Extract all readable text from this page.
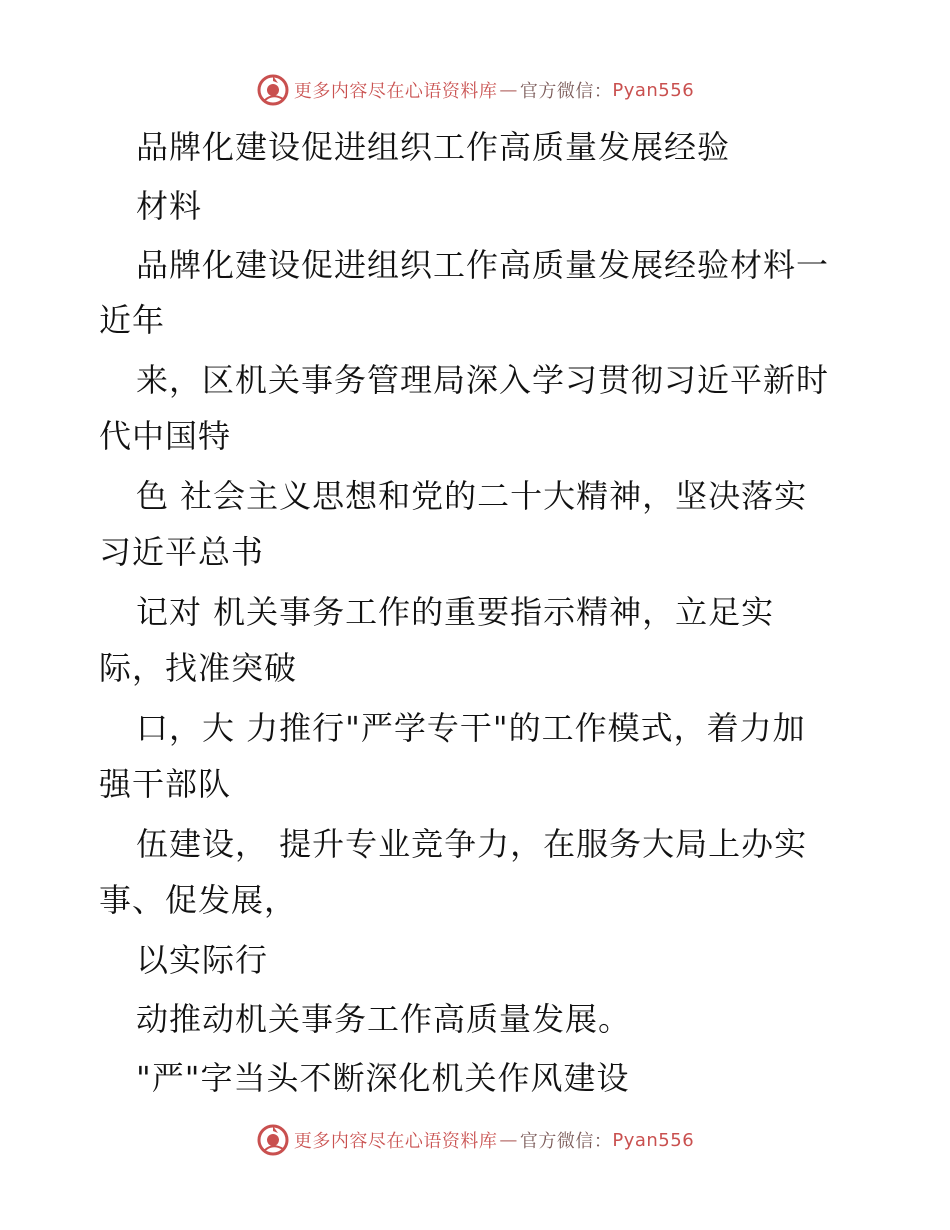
更多内容尽在心语资料库 — 官方微信： Pyan556
品牌化建设促进组织工作高质量发展经验
材料
品牌化建设促进组织工作高质量发展经验材料一
近年
来，区机关事务管理局深入学习贯彻习近平新时
代中国特
色 社会主义思想和党的二十大精神，坚决落实
习近平总书
记对 机关事务工作的重要指示精神，立足实
际，找准突破
口，大 力推行"严学专干"的工作模式，着力加
强干部队
伍建设， 提升专业竞争力，在服务大局上办实
事、促发展，
以实际行
动推动机关事务工作高质量发展。
"严"字当头不断深化机关作风建设
更多内容尽在心语资料库 — 官方微信： Pyan556
